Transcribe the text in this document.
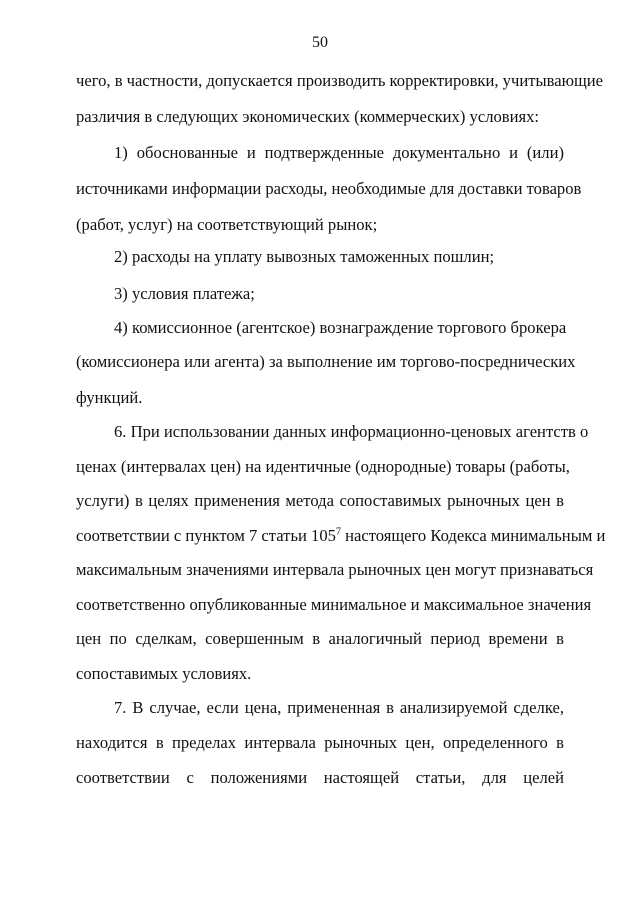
50
чего, в частности, допускается производить корректировки, учитывающие
различия в следующих экономических (коммерческих) условиях:
1) обоснованные и подтвержденные документально и (или)
источниками информации расходы, необходимые для доставки товаров
(работ, услуг) на соответствующий рынок;
2) расходы на уплату вывозных таможенных пошлин;
3) условия платежа;
4) комиссионное (агентское) вознаграждение торгового брокера
(комиссионера или агента) за выполнение им торгово-посреднических
функций.
6. При использовании данных информационно-ценовых агентств о
ценах (интервалах цен) на идентичные (однородные) товары (работы,
услуги) в целях применения метода сопоставимых рыночных цен в
соответствии с пунктом 7 статьи $105^7$ настоящего Кодекса минимальным и
максимальным значениями интервала рыночных цен могут признаваться
соответственно опубликованные минимальное и максимальное значения
цен по сделкам, совершенным в аналогичный период времени в
сопоставимых условиях.
7. В случае, если цена, примененная в анализируемой сделке,
находится в пределах интервала рыночных цен, определенного в
соответствии с положениями настоящей статьи, для целей
